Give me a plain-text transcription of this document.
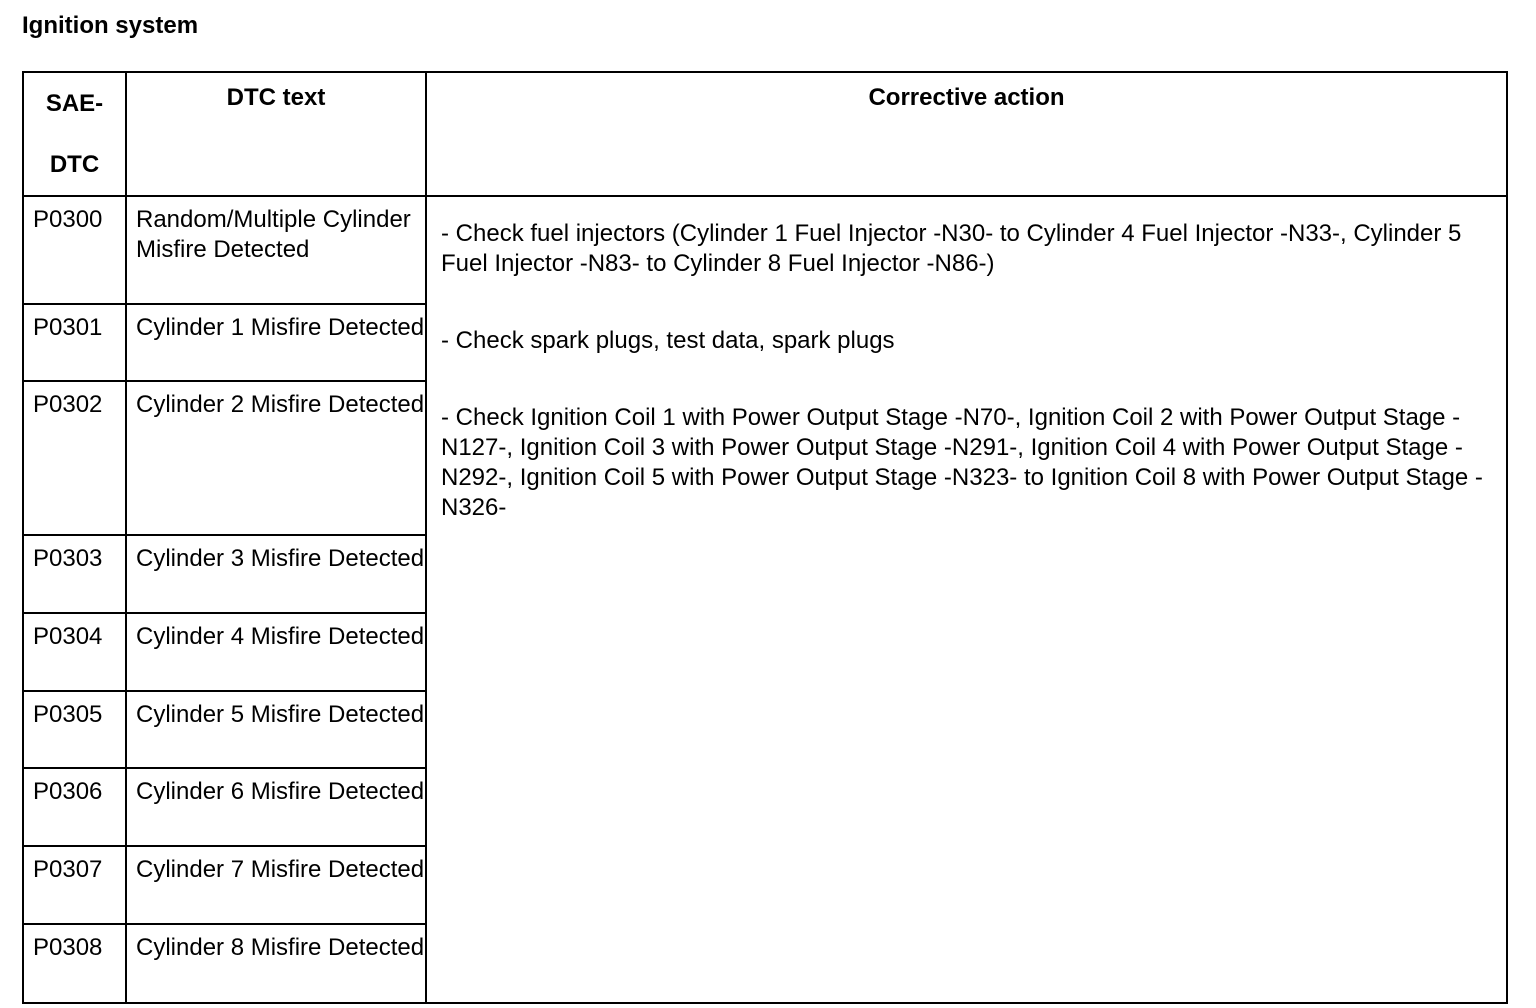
Ignition system
SAE-
DTC	DTC text	Corrective action
P0300	Random/Multiple Cylinder Misfire Detected	- Check fuel injectors (Cylinder 1 Fuel Injector -N30- to Cylinder 4 Fuel Injector -N33-, Cylinder 5 Fuel Injector -N83- to Cylinder 8 Fuel Injector -N86-)
- Check spark plugs, test data, spark plugs
- Check Ignition Coil 1 with Power Output Stage -N70-, Ignition Coil 2 with Power Output Stage -N127-, Ignition Coil 3 with Power Output Stage -N291-, Ignition Coil 4 with Power Output Stage -N292-, Ignition Coil 5 with Power Output Stage -N323- to Ignition Coil 8 with Power Output Stage -N326-

P0301	Cylinder 1 Misfire Detected	
P0302	Cylinder 2 Misfire Detected	
P0303	Cylinder 3 Misfire Detected	
P0304	Cylinder 4 Misfire Detected	
P0305	Cylinder 5 Misfire Detected	
P0306	Cylinder 6 Misfire Detected	
P0307	Cylinder 7 Misfire Detected	
P0308	Cylinder 8 Misfire Detected	
